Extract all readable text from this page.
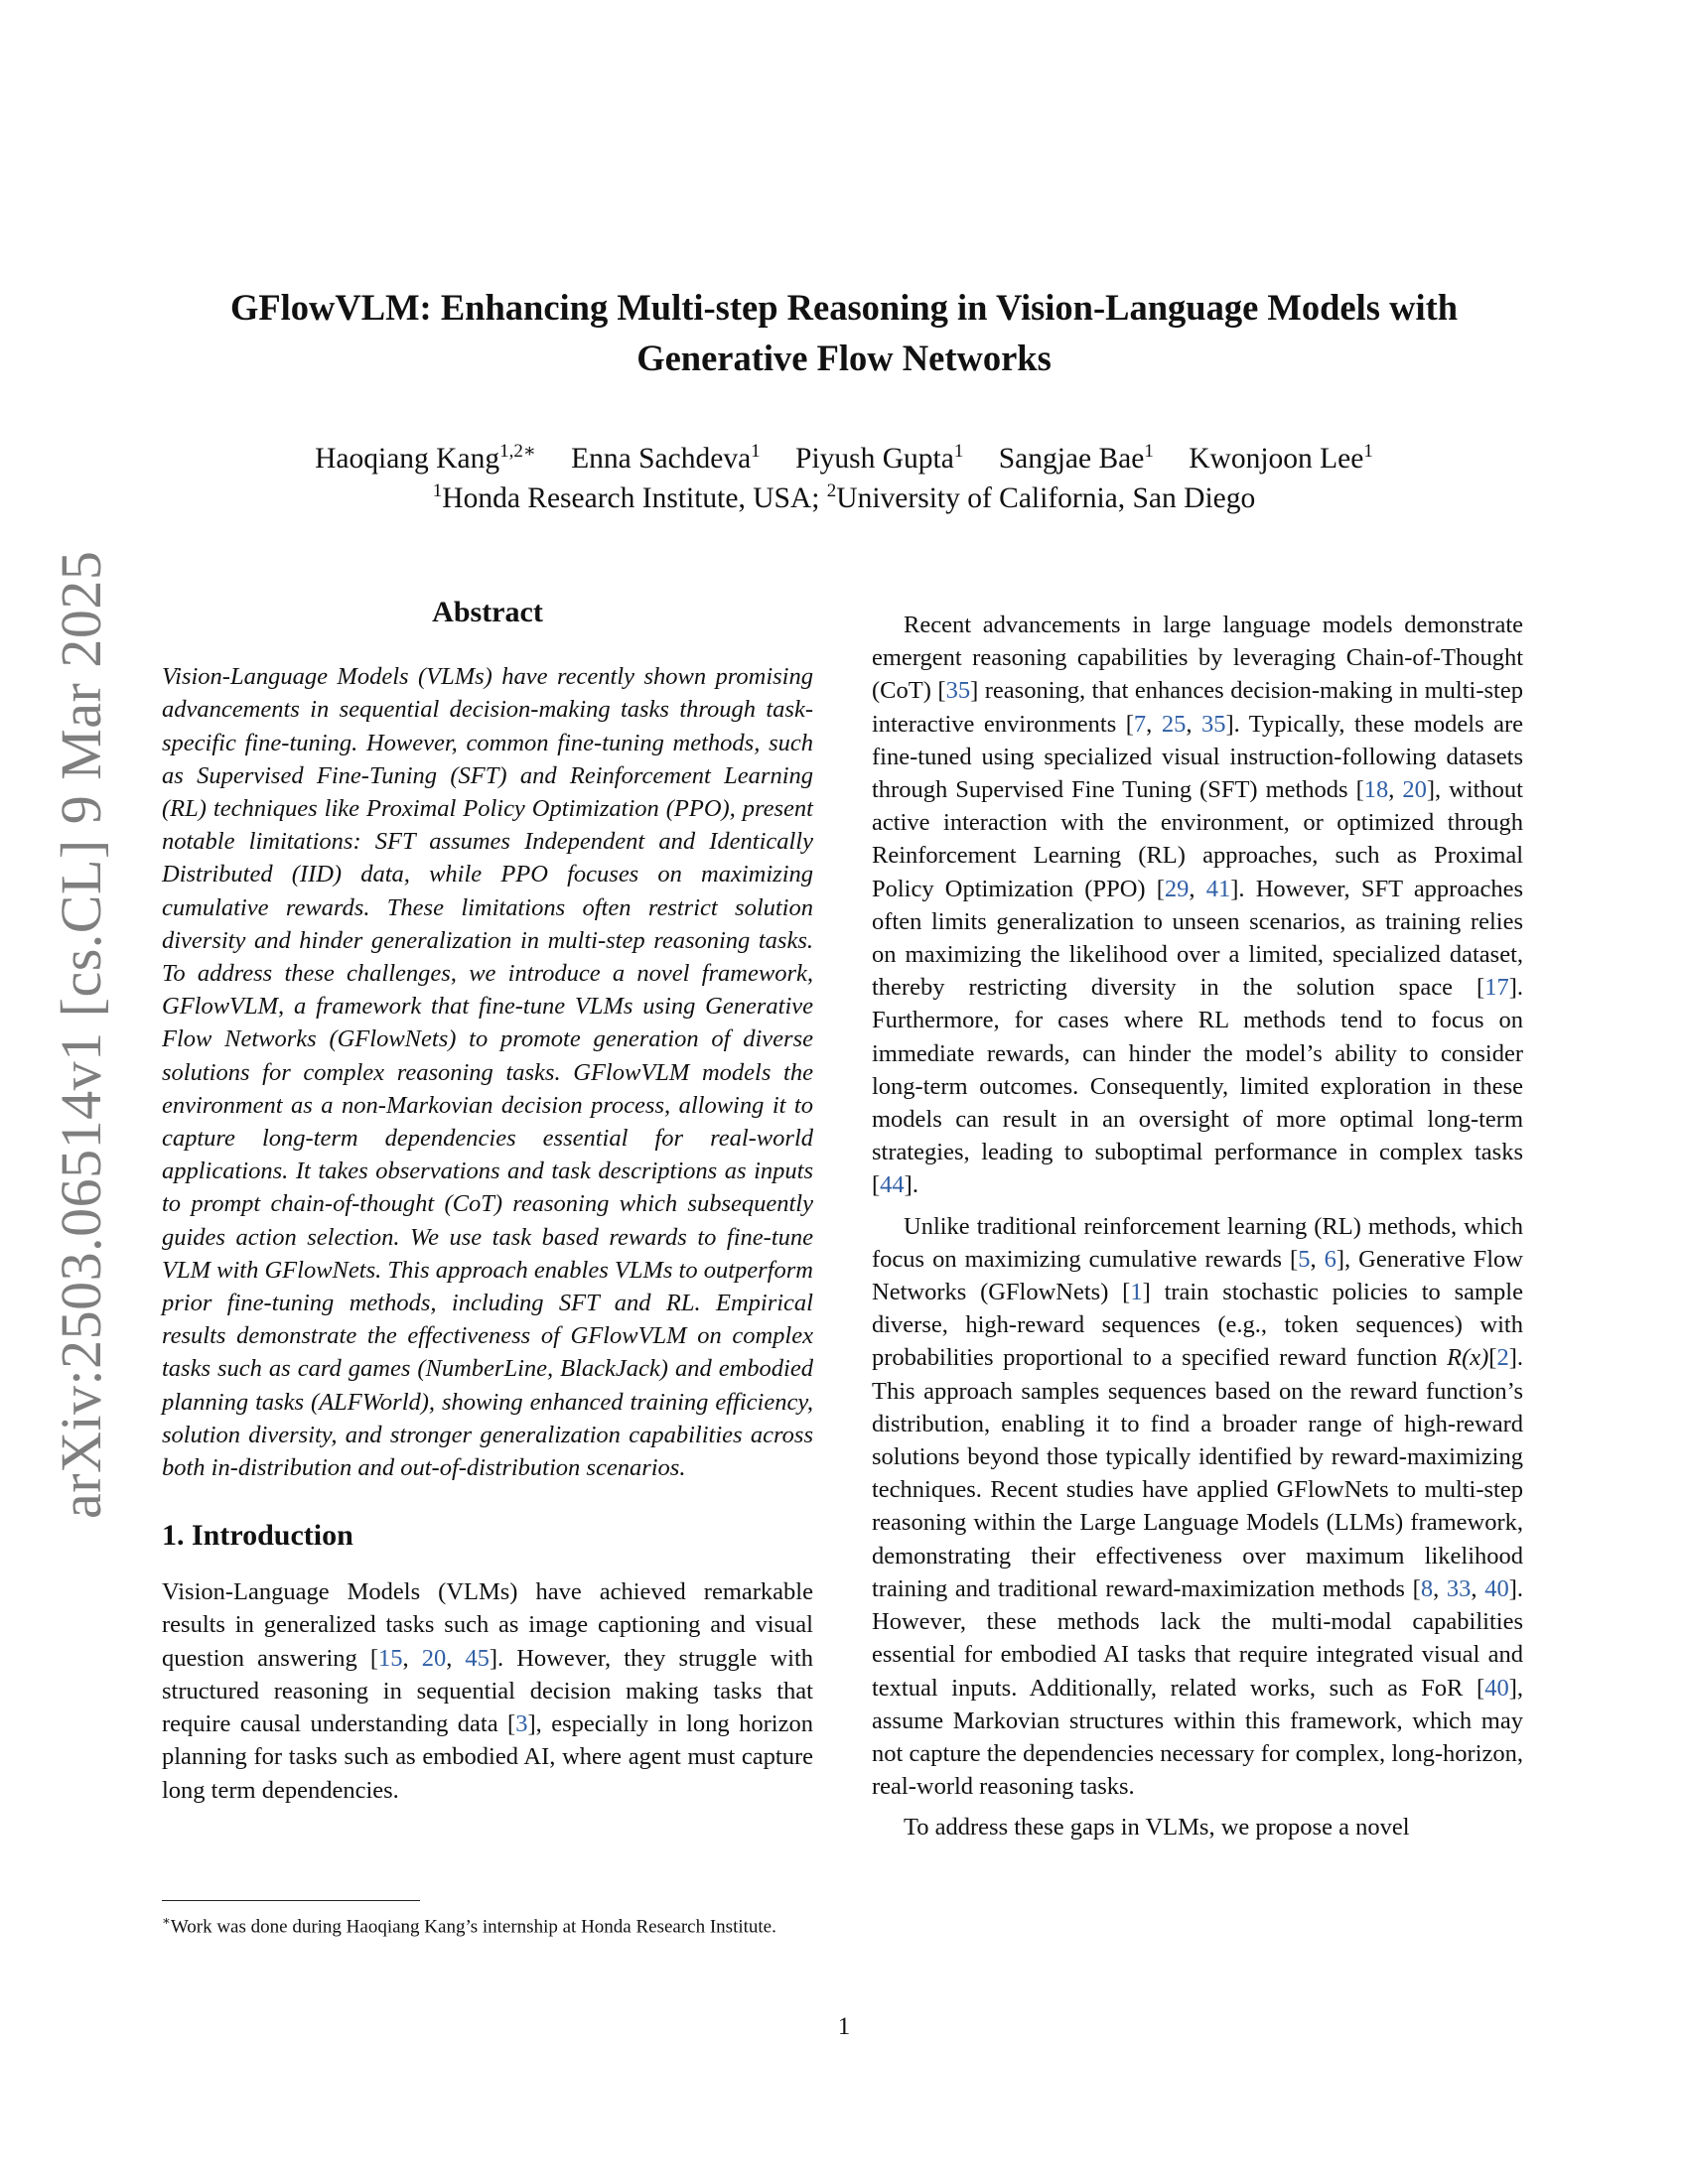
arXiv:2503.06514v1 [cs.CL] 9 Mar 2025
GFlowVLM: Enhancing Multi-step Reasoning in Vision-Language Models with
Generative Flow Networks
Haoqiang Kang$^{1,2∗}$ Enna Sachdeva$^1$ Piyush Gupta$^1$ Sangjae Bae$^1$ Kwonjoon Lee$^1$
$^1$Honda Research Institute, USA; $^2$University of California, San Diego
Abstract

Vision-Language Models (VLMs) have recently shown promising advancements in sequential decision-making tasks through task-specific fine-tuning. However, common fine-tuning methods, such as Supervised Fine-Tuning (SFT) and Reinforcement Learning (RL) techniques like Proximal Policy Optimization (PPO), present notable limitations: SFT assumes Independent and Identically Distributed (IID) data, while PPO focuses on maximizing cumulative rewards. These limitations often restrict solution diversity and hinder generalization in multi-step reasoning tasks. To address these challenges, we introduce a novel framework, GFlowVLM, a framework that fine-tune VLMs using Generative Flow Networks (GFlowNets) to promote generation of diverse solutions for complex reasoning tasks. GFlowVLM models the environment as a non-Markovian decision process, allowing it to capture long-term dependencies essential for real-world applications. It takes observations and task descriptions as inputs to prompt chain-of-thought (CoT) reasoning which subsequently guides action selection. We use task based rewards to fine-tune VLM with GFlowNets. This approach enables VLMs to outperform prior fine-tuning methods, including SFT and RL. Empirical results demonstrate the effectiveness of GFlowVLM on complex tasks such as card games (NumberLine, BlackJack) and embodied planning tasks (ALFWorld), showing enhanced training efficiency, solution diversity, and stronger generalization capabilities across both in-distribution and out-of-distribution scenarios.

1. Introduction

Vision-Language Models (VLMs) have achieved remarkable results in generalized tasks such as image captioning and visual question answering [15, 20, 45]. However, they struggle with structured reasoning in sequential decision making tasks that require causal understanding data [3], especially in long horizon planning for tasks such as embodied AI, where agent must capture long term dependencies.

Recent advancements in large language models demonstrate emergent reasoning capabilities by leveraging Chain-of-Thought (CoT) [35] reasoning, that enhances decision-making in multi-step interactive environments [7, 25, 35]. Typically, these models are fine-tuned using specialized visual instruction-following datasets through Supervised Fine Tuning (SFT) methods [18, 20], without active interaction with the environment, or optimized through Reinforcement Learning (RL) approaches, such as Proximal Policy Optimization (PPO) [29, 41]. However, SFT approaches often limits generalization to unseen scenarios, as training relies on maximizing the likelihood over a limited, specialized dataset, thereby restricting diversity in the solution space [17]. Furthermore, for cases where RL methods tend to focus on immediate rewards, can hinder the model’s ability to consider long-term outcomes. Consequently, limited exploration in these models can result in an oversight of more optimal long-term strategies, leading to suboptimal performance in complex tasks [44].

Unlike traditional reinforcement learning (RL) methods, which focus on maximizing cumulative rewards [5, 6], Generative Flow Networks (GFlowNets) [1] train stochastic policies to sample diverse, high-reward sequences (e.g., token sequences) with probabilities proportional to a specified reward function R(x)[2]. This approach samples sequences based on the reward function’s distribution, enabling it to find a broader range of high-reward solutions beyond those typically identified by reward-maximizing techniques. Recent studies have applied GFlowNets to multi-step reasoning within the Large Language Models (LLMs) framework, demonstrating their effectiveness over maximum likelihood training and traditional reward-maximization methods [8, 33, 40]. However, these methods lack the multi-modal capabilities essential for embodied AI tasks that require integrated visual and textual inputs. Additionally, related works, such as FoR [40], assume Markovian structures within this framework, which may not capture the dependencies necessary for complex, long-horizon, real-world reasoning tasks.

To address these gaps in VLMs, we propose a novel

∗Work was done during Haoqiang Kang’s internship at Honda Research Institute.
1
